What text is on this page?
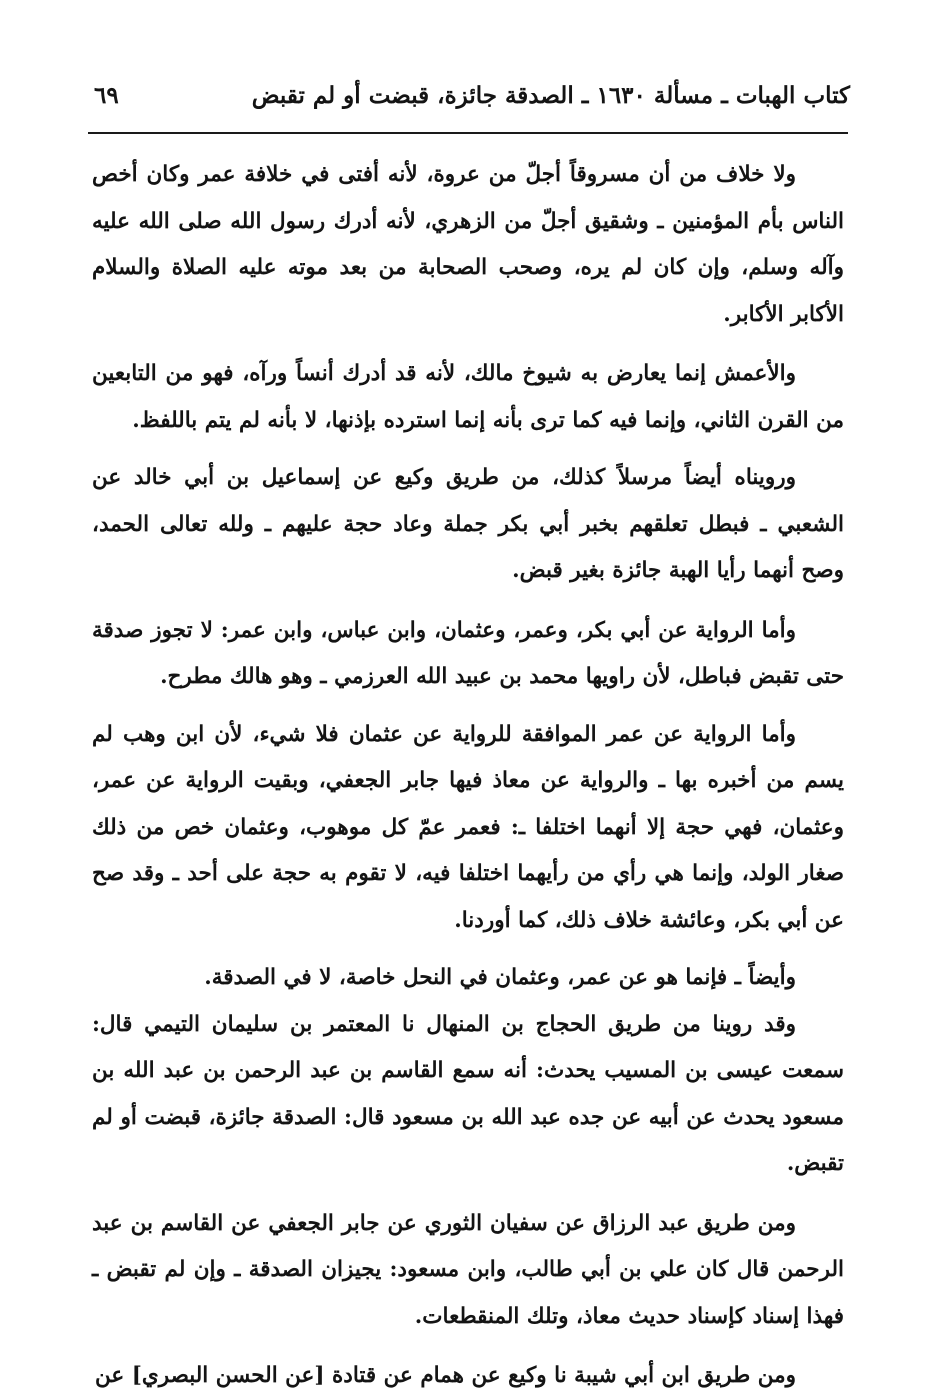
كتاب الهبات ـ مسألة ١٦٣٠ ـ الصدقة جائزة، قبضت أو لم تقبض
٦٩

ولا خلاف من أن مسروقاً أجلّ من عروة، لأنه أفتى في خلافة عمر وكان أخص الناس بأم المؤمنين ـ وشقيق أجلّ من الزهري، لأنه أدرك رسول الله صلى الله عليه وآله وسلم، وإن كان لم يره، وصحب الصحابة من بعد موته عليه الصلاة والسلام الأكابر الأكابر.

والأعمش إنما يعارض به شيوخ مالك، لأنه قد أدرك أنساً ورآه، فهو من التابعين من القرن الثاني، وإنما فيه كما ترى بأنه إنما استرده بإذنها، لا بأنه لم يتم باللفظ.

ورويناه أيضاً مرسلاً كذلك، من طريق وكيع عن إسماعيل بن أبي خالد عن الشعبي ـ فبطل تعلقهم بخبر أبي بكر جملة وعاد حجة عليهم ـ ولله تعالى الحمد، وصح أنهما رأيا الهبة جائزة بغير قبض.

وأما الرواية عن أبي بكر، وعمر، وعثمان، وابن عباس، وابن عمر: لا تجوز صدقة حتى تقبض فباطل، لأن راويها محمد بن عبيد الله العرزمي ـ وهو هالك مطرح.

وأما الرواية عن عمر الموافقة للرواية عن عثمان فلا شيء، لأن ابن وهب لم يسم من أخبره بها ـ والرواية عن معاذ فيها جابر الجعفي، وبقيت الرواية عن عمر، وعثمان، فهي حجة إلا أنهما اختلفا ـ: فعمر عمّ كل موهوب، وعثمان خص من ذلك صغار الولد، وإنما هي رأي من رأيهما اختلفا فيه، لا تقوم به حجة على أحد ـ وقد صح عن أبي بكر، وعائشة خلاف ذلك، كما أوردنا.

وأيضاً ـ فإنما هو عن عمر، وعثمان في النحل خاصة، لا في الصدقة.

وقد روينا من طريق الحجاج بن المنهال نا المعتمر بن سليمان التيمي قال: سمعت عيسى بن المسيب يحدث: أنه سمع القاسم بن عبد الرحمن بن عبد الله بن مسعود يحدث عن أبيه عن جده عبد الله بن مسعود قال: الصدقة جائزة، قبضت أو لم تقبض.

ومن طريق عبد الرزاق عن سفيان الثوري عن جابر الجعفي عن القاسم بن عبد الرحمن قال كان علي بن أبي طالب، وابن مسعود: يجيزان الصدقة ـ وإن لم تقبض ـ فهذا إسناد كإسناد حديث معاذ، وتلك المنقطعات.

ومن طريق ابن أبي شيبة نا وكيع عن همام عن قتادة [عن الحسن البصري] عن
